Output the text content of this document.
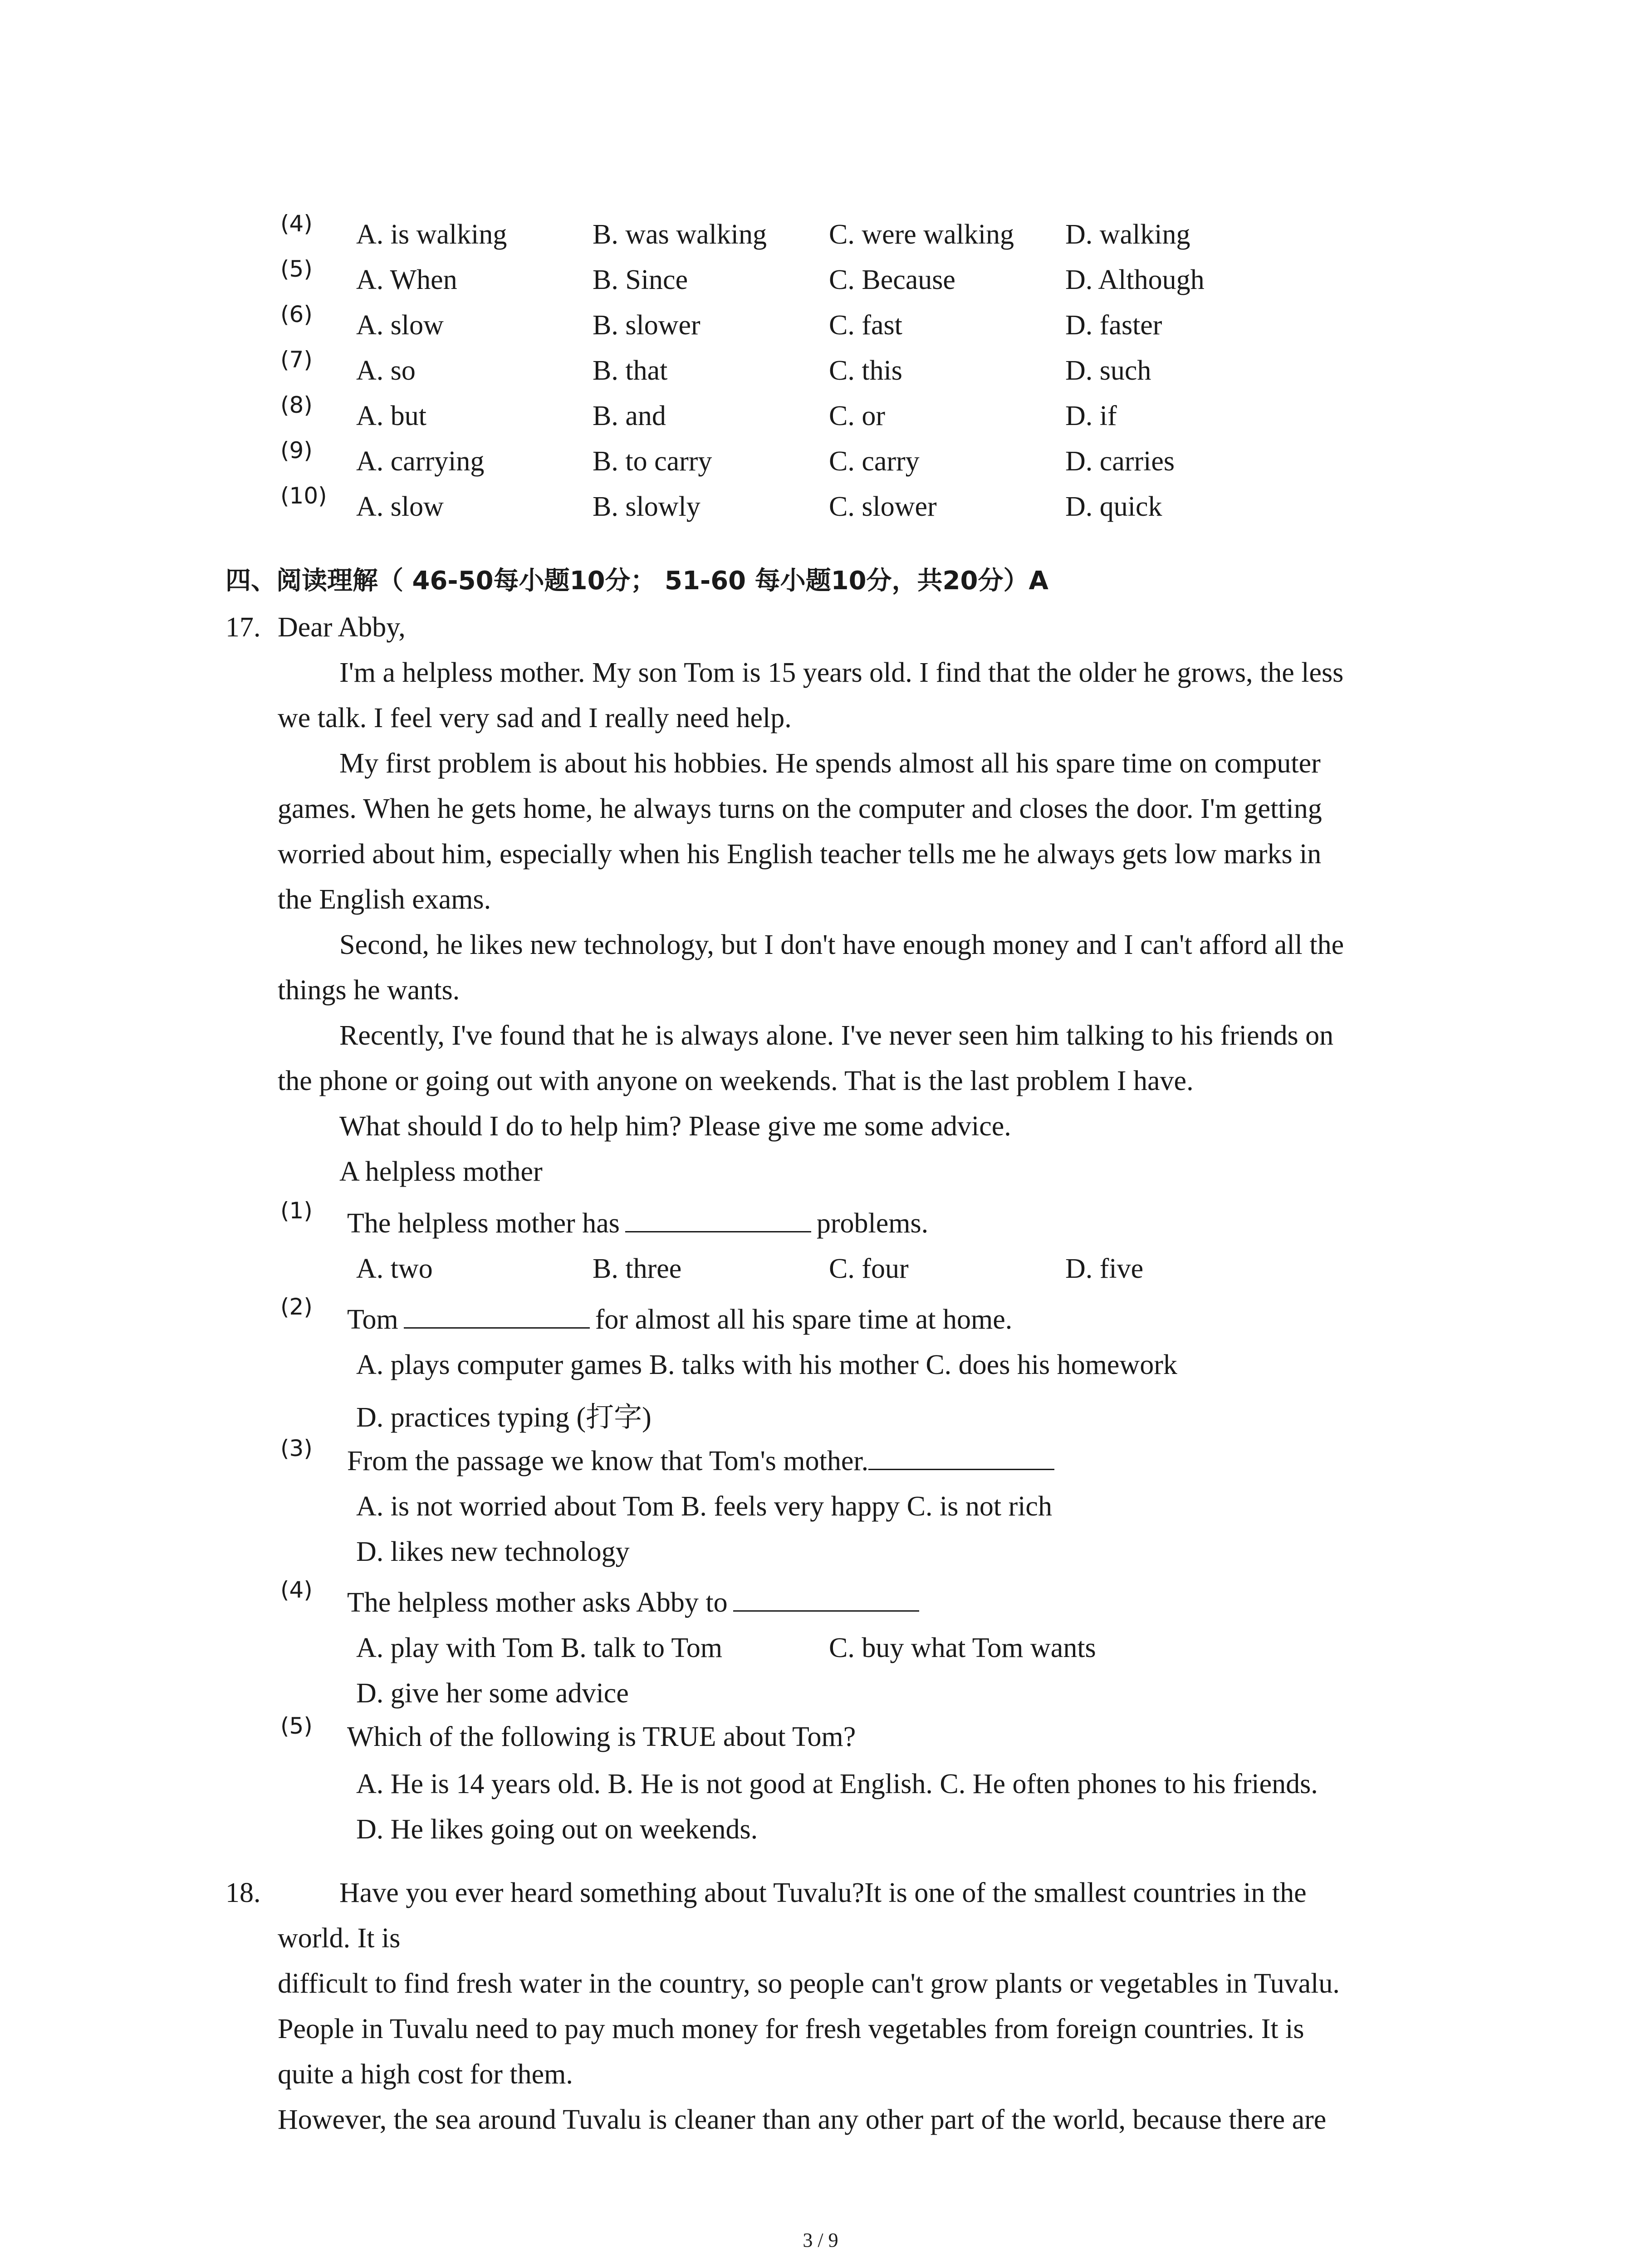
(4) A. is walking	B. was walking C. were walking D. walking
(5) A. When	B. Since	C. Because	D. Although
(6) A. slow	B. slower	C. fast	D. faster
(7) A. so	B. that	C. this	D. such
(8) A. but	B. and	C. or	D. if
(9) A. carrying	B. to carry	C. carry	D. carries
(10) A. slow	B. slowly	C. slower	D. quick
四、阅读理解（ 46-50每小题10分； 51-60 每小题10分，共20分）A
17. Dear Abby,
I'm a helpless mother. My son Tom is 15 years old. I find that the older he grows, the less
we talk. I feel very sad and I really need help.
My first problem is about his hobbies. He spends almost all his spare time on computer
games. When he gets home, he always turns on the computer and closes the door. I'm getting
worried about him, especially when his English teacher tells me he always gets low marks in
the English exams.
Second, he likes new technology, but I don't have enough money and I can't afford all the
things he wants.
Recently, I've found that he is always alone. I've never seen him talking to his friends on
the phone or going out with anyone on weekends. That is the last problem I have.
What should I do to help him? Please give me some advice.
A helpless mother
(1) The helpless mother has	problems.
A. two	B. three	C. four	D. five
(2) Tom	for almost all his spare time at home.
A. plays computer games B. talks with his mother C. does his homework
D. practices typing (打字)
(3) From the passage we know that Tom's mother.
A. is not worried about Tom B. feels very happy C. is not rich
D. likes new technology
(4) The helpless mother asks Abby to
A. play with Tom B. talk to Tom	C. buy what Tom wants
D. give her some advice
(5) Which of the following is TRUE about Tom?
A. He is 14 years old. B. He is not good at English. C. He often phones to his friends.
D. He likes going out on weekends.
18.	Have you ever heard something about Tuvalu?It is one of the smallest countries in the
world. It is
difficult to find fresh water in the country, so people can't grow plants or vegetables in Tuvalu.
People in Tuvalu need to pay much money for fresh vegetables from foreign countries. It is
quite a high cost for them.
However, the sea around Tuvalu is cleaner than any other part of the world, because there are
3 / 9
